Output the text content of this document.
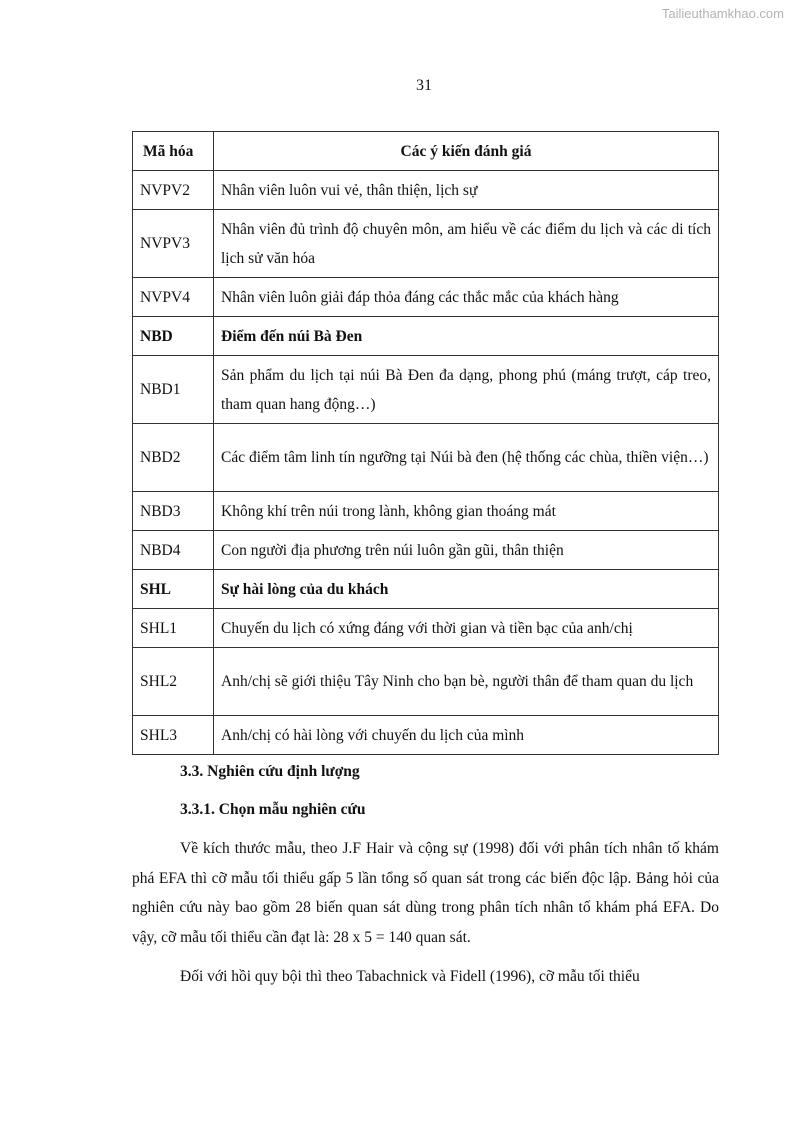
Tailieuthamkhao.com
31
Mã hóa	Các ý kiến đánh giá
NVPV2	Nhân viên luôn vui vẻ, thân thiện, lịch sự
NVPV3	Nhân viên đủ trình độ chuyên môn, am hiểu về các điểm du lịch và các di tích lịch sử văn hóa
NVPV4	Nhân viên luôn giải đáp thỏa đáng các thắc mắc của khách hàng
NBD	Điểm đến núi Bà Đen
NBD1	Sản phẩm du lịch tại núi Bà Đen đa dạng, phong phú (máng trượt, cáp treo, tham quan hang động…)
NBD2	Các điểm tâm linh tín ngưỡng tại Núi bà đen (hệ thống các chùa, thiền viện…)
NBD3	Không khí trên núi trong lành, không gian thoáng mát
NBD4	Con người địa phương trên núi luôn gần gũi, thân thiện
SHL	Sự hài lòng của du khách
SHL1	Chuyến du lịch có xứng đáng với thời gian và tiền bạc của anh/chị
SHL2	Anh/chị sẽ giới thiệu Tây Ninh cho bạn bè, người thân để tham quan du lịch
SHL3	Anh/chị có hài lòng với chuyến du lịch của mình
3.3. Nghiên cứu định lượng
3.3.1. Chọn mẫu nghiên cứu

Về kích thước mẫu, theo J.F Hair và cộng sự (1998) đối với phân tích nhân tố khám phá EFA thì cỡ mẫu tối thiểu gấp 5 lần tổng số quan sát trong các biến độc lập. Bảng hỏi của nghiên cứu này bao gồm 28 biến quan sát dùng trong phân tích nhân tố khám phá EFA. Do vậy, cỡ mẫu tối thiểu cần đạt là: 28 x 5 = 140 quan sát.

Đối với hồi quy bội thì theo Tabachnick và Fidell (1996), cỡ mẫu tối thiểu
